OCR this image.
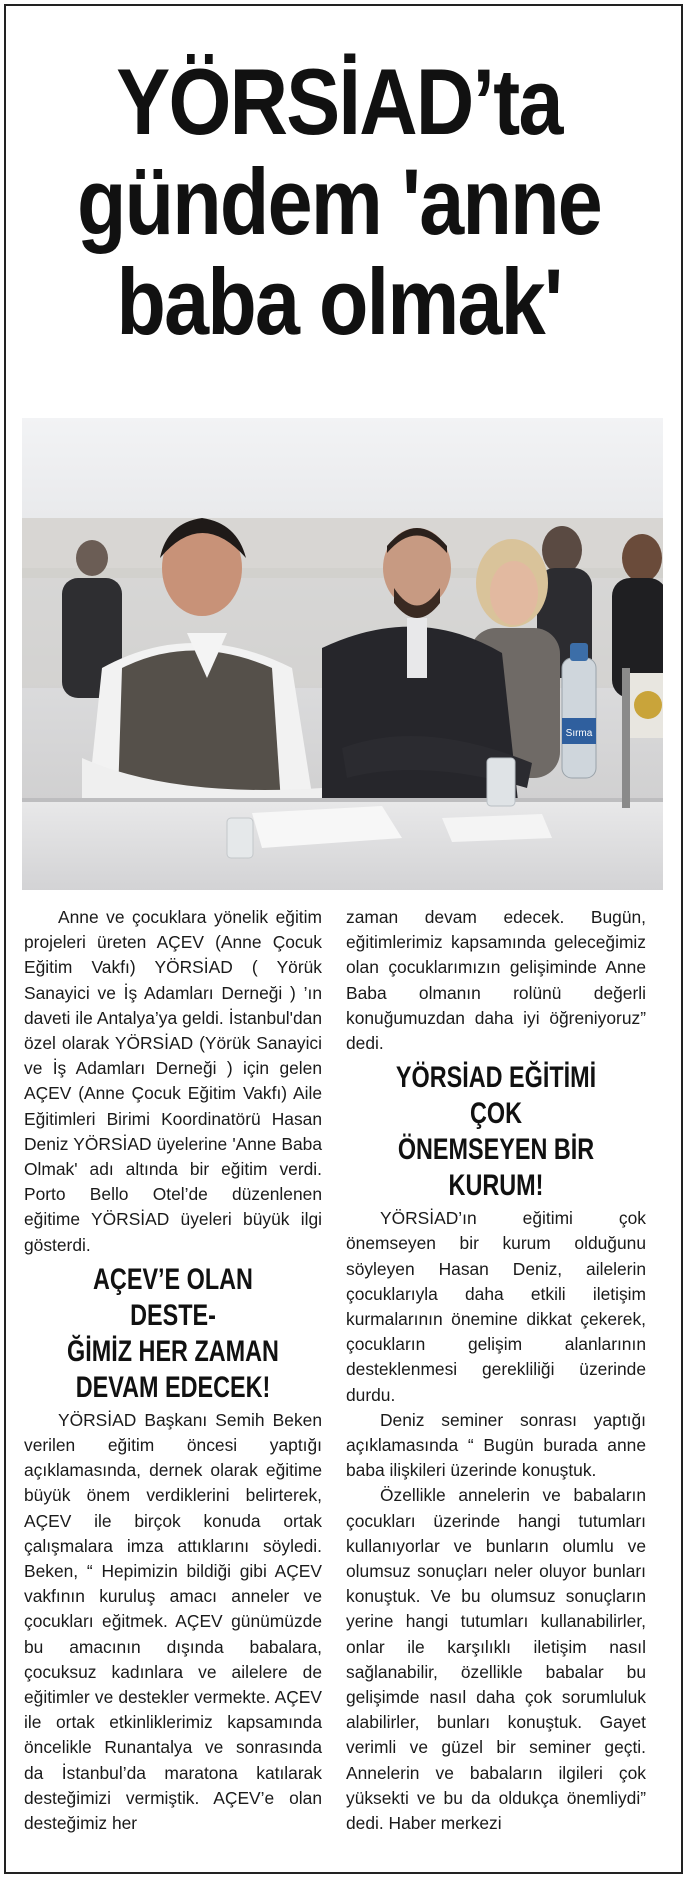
YÖRSİAD’ta
gündem 'anne
baba olmak'
Sırma

Anne ve çocuklara yönelik eğitim projeleri üreten AÇEV (Anne Çocuk Eğitim Vakfı) YÖRSİAD ( Yörük Sanayici ve İş Adamları Derneği ) ’ın daveti ile Antalya’ya geldi. İstanbul'dan özel olarak YÖRSİAD (Yörük Sanayici ve İş Adamları Derneği ) için gelen AÇEV (Anne Çocuk Eğitim Vakfı) Aile Eğitimleri Birimi Koordinatörü Hasan Deniz YÖRSİAD üyelerine 'Anne Baba Olmak' adı altında bir eğitim verdi. Porto Bello Otel’de düzenlenen eğitime YÖRSİAD üyeleri büyük ilgi gösterdi.

AÇEV’E OLAN DESTE-
ĞİMİZ HER ZAMAN
DEVAM EDECEK!

YÖRSİAD Başkanı Semih Beken verilen eğitim öncesi yaptığı açıklamasında, dernek olarak eğitime büyük önem verdiklerini belirterek, AÇEV ile birçok konuda ortak çalışmalara imza attıklarını söyledi. Beken, “ Hepimizin bildiği gibi AÇEV vakfının kuruluş amacı anneler ve çocukları eğitmek. AÇEV günümüzde bu amacının dışında babalara, çocuksuz kadınlara ve ailelere de eğitimler ve destekler vermekte. AÇEV ile ortak etkinliklerimiz kapsamında öncelikle Runantalya ve sonrasında da İstanbul’da maratona katılarak desteğimizi vermiştik. AÇEV’e olan desteğimiz her

zaman devam edecek. Bugün, eğitimlerimiz kapsamında geleceğimiz olan çocuklarımızın gelişiminde Anne Baba olmanın rolünü değerli konuğumuzdan daha iyi öğreniyoruz” dedi.

YÖRSİAD EĞİTİMİ ÇOK
ÖNEMSEYEN BİR
KURUM!

YÖRSİAD’ın eğitimi çok önemseyen bir kurum olduğunu söyleyen Hasan Deniz, ailelerin çocuklarıyla daha etkili iletişim kurmalarının önemine dikkat çekerek, çocukların gelişim alanlarının desteklenmesi gerekliliği üzerinde durdu.

Deniz seminer sonrası yaptığı açıklamasında “ Bugün burada anne baba ilişkileri üzerinde konuştuk.

Özellikle annelerin ve babaların çocukları üzerinde hangi tutumları kullanıyorlar ve bunların olumlu ve olumsuz sonuçları neler oluyor bunları konuştuk. Ve bu olumsuz sonuçların yerine hangi tutumları kullanabilirler, onlar ile karşılıklı iletişim nasıl sağlanabilir, özellikle babalar bu gelişimde nasıl daha çok sorumluluk alabilirler, bunları konuştuk. Gayet verimli ve güzel bir seminer geçti. Annelerin ve babaların ilgileri çok yüksekti ve bu da oldukça önemliydi” dedi. Haber merkezi
